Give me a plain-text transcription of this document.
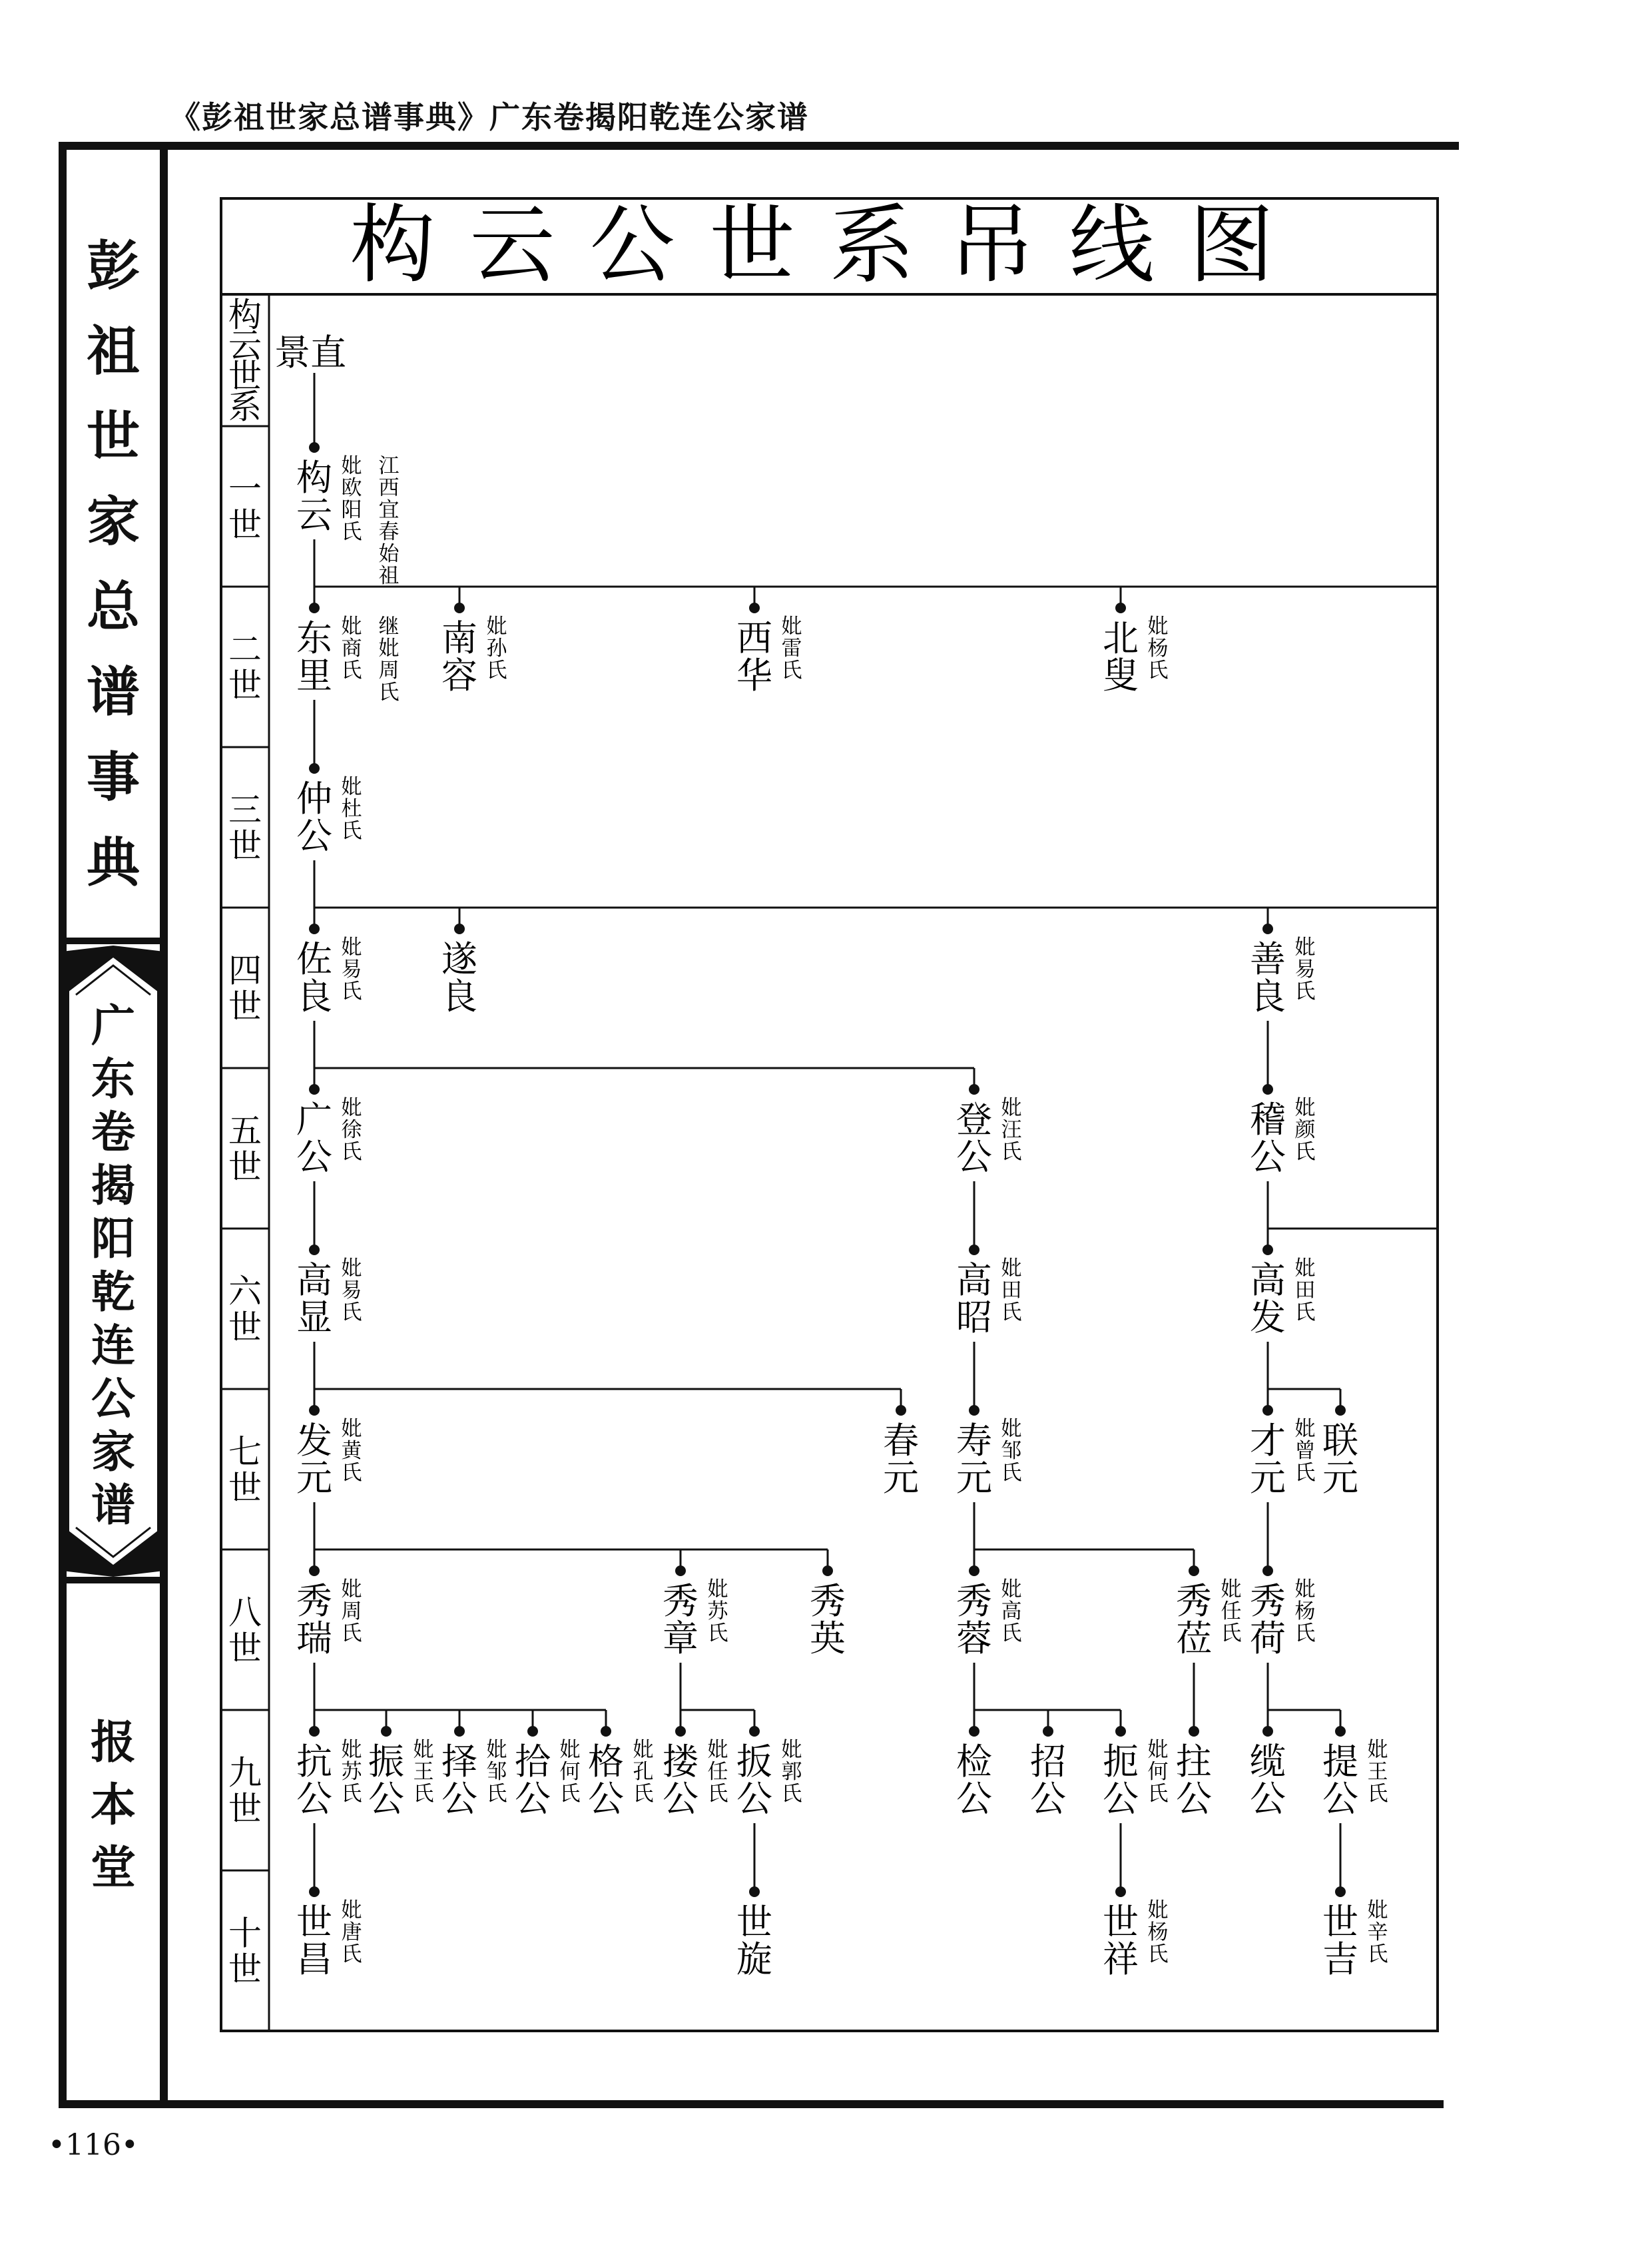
《彭祖世家总谱事典》广东卷揭阳乾连公家谱
彭
祖
世
家
总
谱
事
典
广
东
卷
揭
阳
乾
连
公
家
谱
报
本
堂
•116•
构云公世系吊线图
构
云
世
系
一
世
二
世
三
世
四
世
五
世
六
世
七
世
八
世
九
世
十
世
景直
构
云
妣
欧
阳
氏
江
西
宜
春
始
祖
东
里
妣
商
氏
继
妣
周
氏
南
容
妣
孙
氏
西
华
妣
雷
氏
北
叟
妣
杨
氏
仲
公
妣
杜
氏
佐
良
妣
易
氏
遂
良
善
良
妣
易
氏
广
公
妣
徐
氏
登
公
妣
汪
氏
稽
公
妣
颜
氏
高
显
妣
易
氏
高
昭
妣
田
氏
高
发
妣
田
氏
发
元
妣
黄
氏
春
元
寿
元
妣
邹
氏
才
元
妣
曾
氏
联
元
秀
瑞
妣
周
氏
秀
章
妣
苏
氏
秀
英
秀
蓉
妣
高
氏
秀
莅
妣
任
氏
秀
荷
妣
杨
氏
抗
公
妣
苏
氏
振
公
妣
王
氏
择
公
妣
邹
氏
拾
公
妣
何
氏
格
公
妣
孔
氏
搂
公
妣
任
氏
扳
公
妣
郭
氏
检
公
招
公
扼
公
妣
何
氏
拄
公
缆
公
提
公
妣
王
氏
世
昌
妣
唐
氏
世
旋
世
祥
妣
杨
氏
世
吉
妣
辛
氏
